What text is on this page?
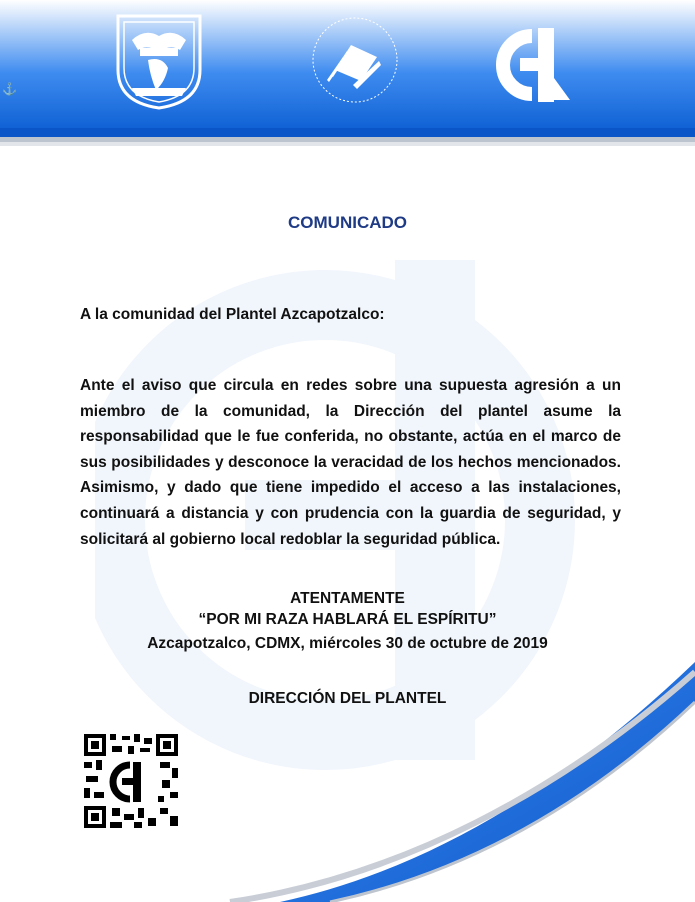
⚓
COMUNICADO
A la comunidad del Plantel Azcapotzalco:
Ante el aviso que circula en redes sobre una supuesta agresión a un miembro de la comunidad, la Dirección del plantel asume la responsabilidad que le fue conferida, no obstante, actúa en el marco de sus posibilidades y desconoce la veracidad de los hechos mencionados. Asimismo, y dado que tiene impedido el acceso a las instalaciones, continuará a distancia y con prudencia con la guardia de seguridad, y solicitará al gobierno local redoblar la seguridad pública.
ATENTAMENTE
“POR MI RAZA HABLARÁ EL ESPÍRITU”
Azcapotzalco, CDMX, miércoles 30 de octubre de 2019
DIRECCIÓN DEL PLANTEL
